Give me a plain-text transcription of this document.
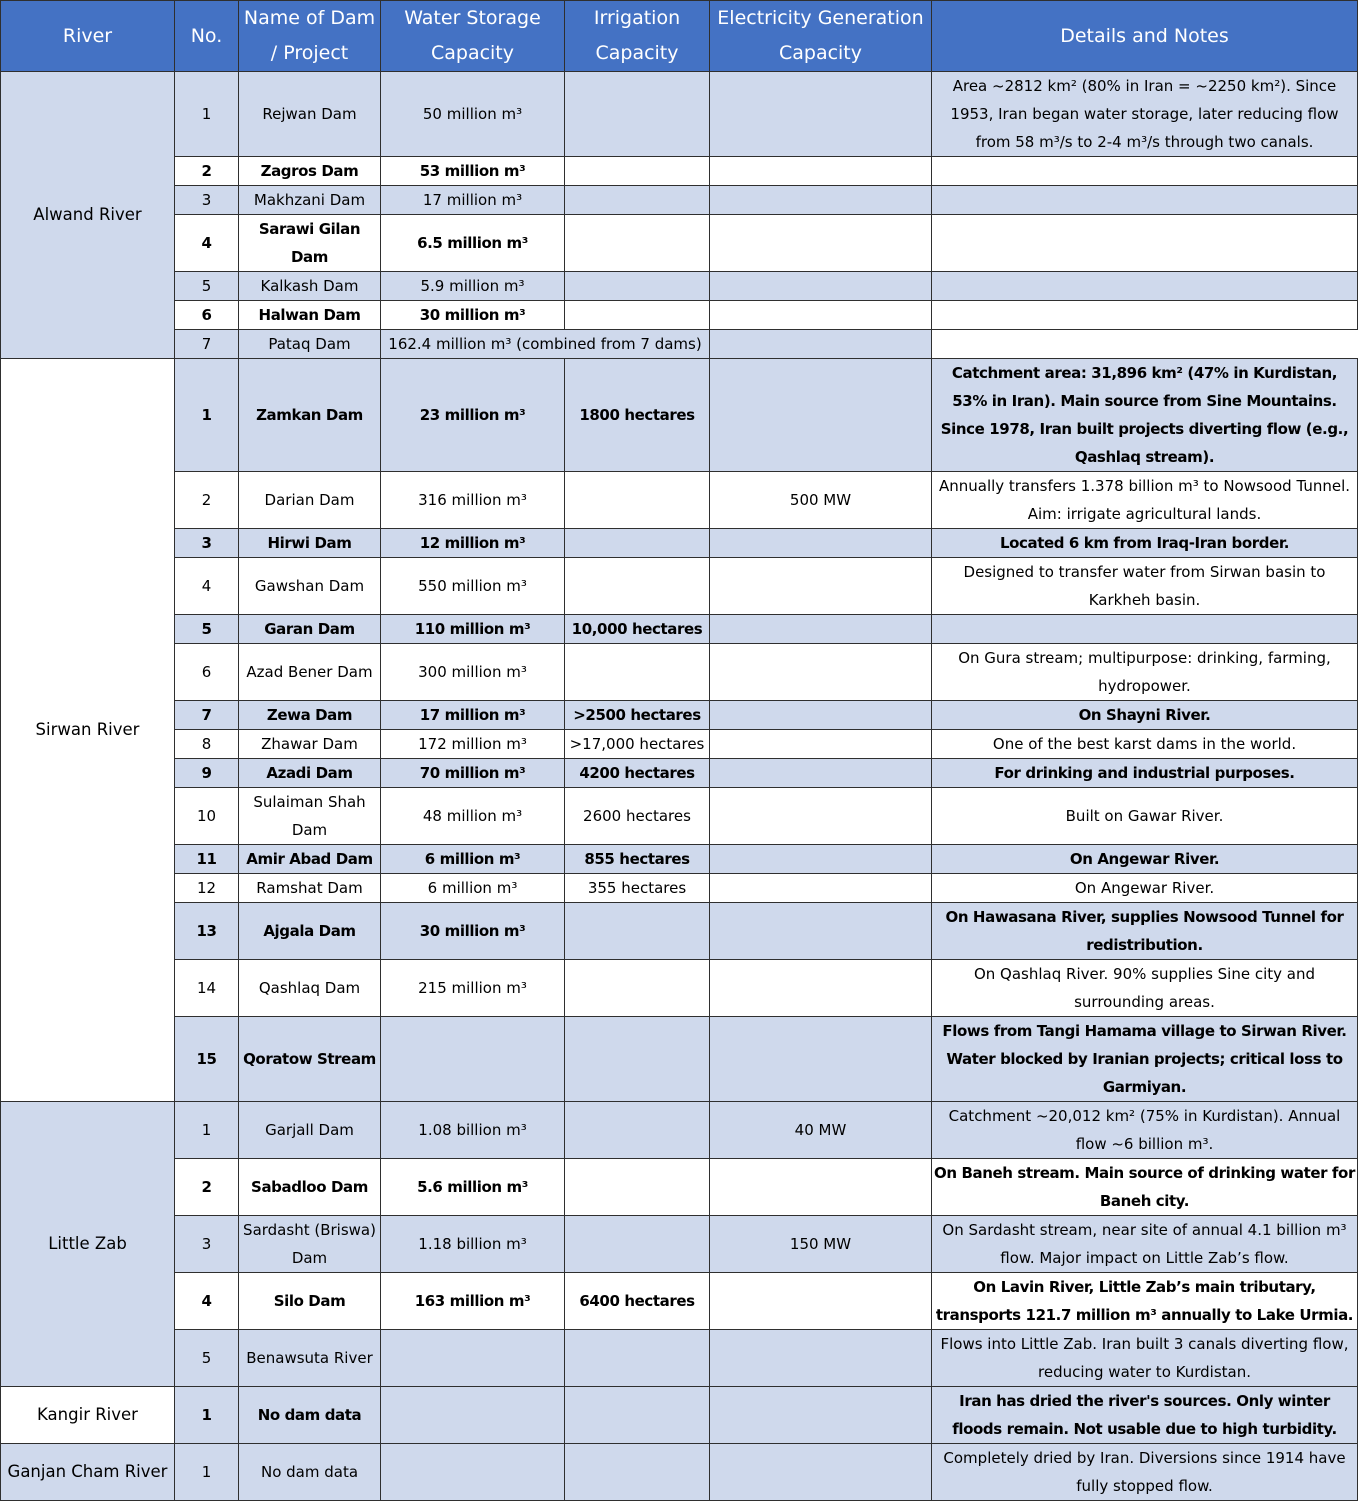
River	No.	Name of Dam / Project	Water Storage Capacity	Irrigation Capacity	Electricity Generation Capacity	Details and Notes
Alwand River	1	Rejwan Dam	50 million m³			Area ~2812 km² (80% in Iran = ~2250 km²). Since 1953, Iran began water storage, later reducing flow from 58 m³/s to 2-4 m³/s through two canals.
	2	Zagros Dam	53 million m³			
	3	Makhzani Dam	17 million m³			
	4	Sarawi Gilan Dam	6.5 million m³			
	5	Kalkash Dam	5.9 million m³			
	6	Halwan Dam	30 million m³			
	7	Pataq Dam	162.4 million m³ (combined from 7 dams)			
Sirwan River	1	Zamkan Dam	23 million m³	1800 hectares		Catchment area: 31,896 km² (47% in Kurdistan, 53% in Iran). Main source from Sine Mountains. Since 1978, Iran built projects diverting flow (e.g., Qashlaq stream).
	2	Darian Dam	316 million m³		500 MW	Annually transfers 1.378 billion m³ to Nowsood Tunnel. Aim: irrigate agricultural lands.
	3	Hirwi Dam	12 million m³			Located 6 km from Iraq-Iran border.
	4	Gawshan Dam	550 million m³			Designed to transfer water from Sirwan basin to Karkheh basin.
	5	Garan Dam	110 million m³	10,000 hectares		
	6	Azad Bener Dam	300 million m³			On Gura stream; multipurpose: drinking, farming, hydropower.
	7	Zewa Dam	17 million m³	>2500 hectares		On Shayni River.
	8	Zhawar Dam	172 million m³	>17,000 hectares		One of the best karst dams in the world.
	9	Azadi Dam	70 million m³	4200 hectares		For drinking and industrial purposes.
	10	Sulaiman Shah Dam	48 million m³	2600 hectares		Built on Gawar River.
	11	Amir Abad Dam	6 million m³	855 hectares		On Angewar River.
	12	Ramshat Dam	6 million m³	355 hectares		On Angewar River.
	13	Ajgala Dam	30 million m³			On Hawasana River, supplies Nowsood Tunnel for redistribution.
	14	Qashlaq Dam	215 million m³			On Qashlaq River. 90% supplies Sine city and surrounding areas.
	15	Qoratow Stream				Flows from Tangi Hamama village to Sirwan River. Water blocked by Iranian projects; critical loss to Garmiyan.
Little Zab	1	Garjall Dam	1.08 billion m³		40 MW	Catchment ~20,012 km² (75% in Kurdistan). Annual flow ~6 billion m³.
	2	Sabadloo Dam	5.6 million m³			On Baneh stream. Main source of drinking water for Baneh city.
	3	Sardasht (Briswa) Dam	1.18 billion m³		150 MW	On Sardasht stream, near site of annual 4.1 billion m³ flow. Major impact on Little Zab’s flow.
	4	Silo Dam	163 million m³	6400 hectares		On Lavin River, Little Zab’s main tributary, transports 121.7 million m³ annually to Lake Urmia.
	5	Benawsuta River				Flows into Little Zab. Iran built 3 canals diverting flow, reducing water to Kurdistan.
Kangir River	1	No dam data				Iran has dried the river's sources. Only winter floods remain. Not usable due to high turbidity.
Ganjan Cham River	1	No dam data				Completely dried by Iran. Diversions since 1914 have fully stopped flow.
